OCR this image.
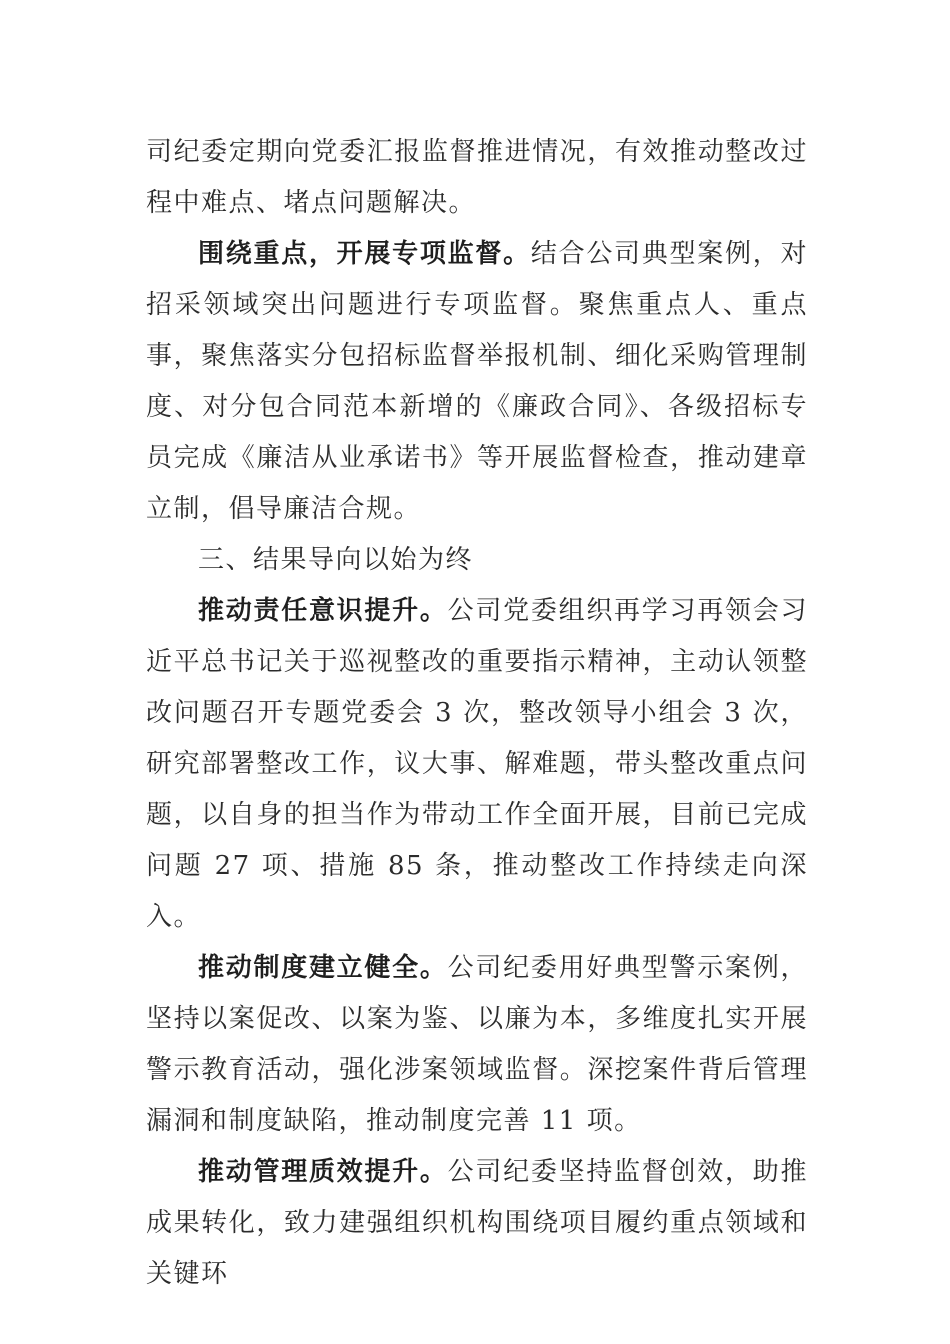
司纪委定期向党委汇报监督推进情况，有效推动整改过程中难点、堵点问题解决。

围绕重点，开展专项监督。结合公司典型案例，对招采领域突出问题进行专项监督。聚焦重点人、重点事，聚焦落实分包招标监督举报机制、细化采购管理制度、对分包合同范本新增的《廉政合同》、各级招标专员完成《廉洁从业承诺书》等开展监督检查，推动建章立制，倡导廉洁合规。

三、结果导向以始为终

推动责任意识提升。公司党委组织再学习再领会习近平总书记关于巡视整改的重要指示精神，主动认领整改问题召开专题党委会 3 次，整改领导小组会 3 次，研究部署整改工作，议大事、解难题，带头整改重点问题，以自身的担当作为带动工作全面开展，目前已完成问题 27 项、措施 85 条，推动整改工作持续走向深入。

推动制度建立健全。公司纪委用好典型警示案例，坚持以案促改、以案为鉴、以廉为本，多维度扎实开展警示教育活动，强化涉案领域监督。深挖案件背后管理漏洞和制度缺陷，推动制度完善 11 项。

推动管理质效提升。公司纪委坚持监督创效，助推成果转化，致力建强组织机构围绕项目履约重点领域和关键环
